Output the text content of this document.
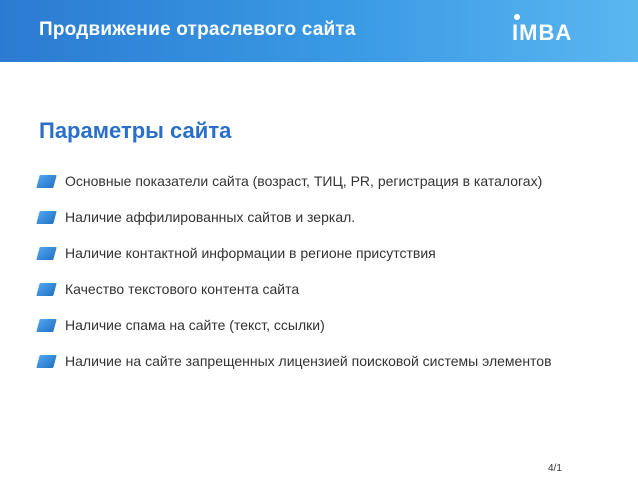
Продвижение отраслевого сайта	IMBA
Параметры сайта
Основные показатели сайта (возраст, ТИЦ, PR, регистрация в каталогах)
Наличие аффилированных сайтов и зеркал.
Наличие контактной информации в регионе присутствия
Качество текстового контента сайта
Наличие спама на сайте (текст, ссылки)
Наличие на сайте запрещенных лицензией поисковой системы элементов
4/1
